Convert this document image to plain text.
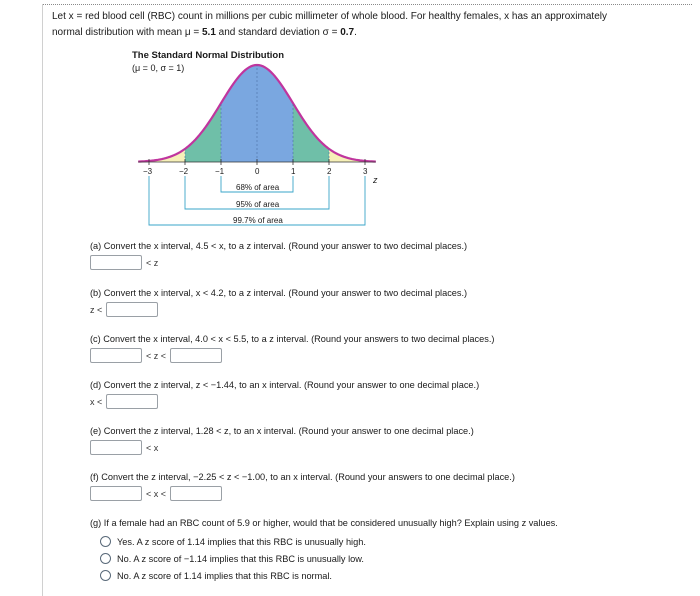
Let x = red blood cell (RBC) count in millions per cubic millimeter of whole blood. For healthy females, x has an approximately
normal distribution with mean μ = 5.1 and standard deviation σ = 0.7.
The Standard Normal Distribution
(μ = 0, σ = 1)
−3	−2	−1	0	1	2	3
z
68% of area
95% of area
99.7% of area
(a) Convert the x interval, 4.5 < x, to a z interval. (Round your answer to two decimal places.)
< z
(b) Convert the x interval, x < 4.2, to a z interval. (Round your answer to two decimal places.)
z <
(c) Convert the x interval, 4.0 < x < 5.5, to a z interval. (Round your answers to two decimal places.)
< z <
(d) Convert the z interval, z < −1.44, to an x interval. (Round your answer to one decimal place.)
x <
(e) Convert the z interval, 1.28 < z, to an x interval. (Round your answer to one decimal place.)
< x
(f) Convert the z interval, −2.25 < z < −1.00, to an x interval. (Round your answers to one decimal place.)
< x <
(g) If a female had an RBC count of 5.9 or higher, would that be considered unusually high? Explain using z values.
Yes. A z score of 1.14 implies that this RBC is unusually high.
No. A z score of −1.14 implies that this RBC is unusually low.
No. A z score of 1.14 implies that this RBC is normal.
